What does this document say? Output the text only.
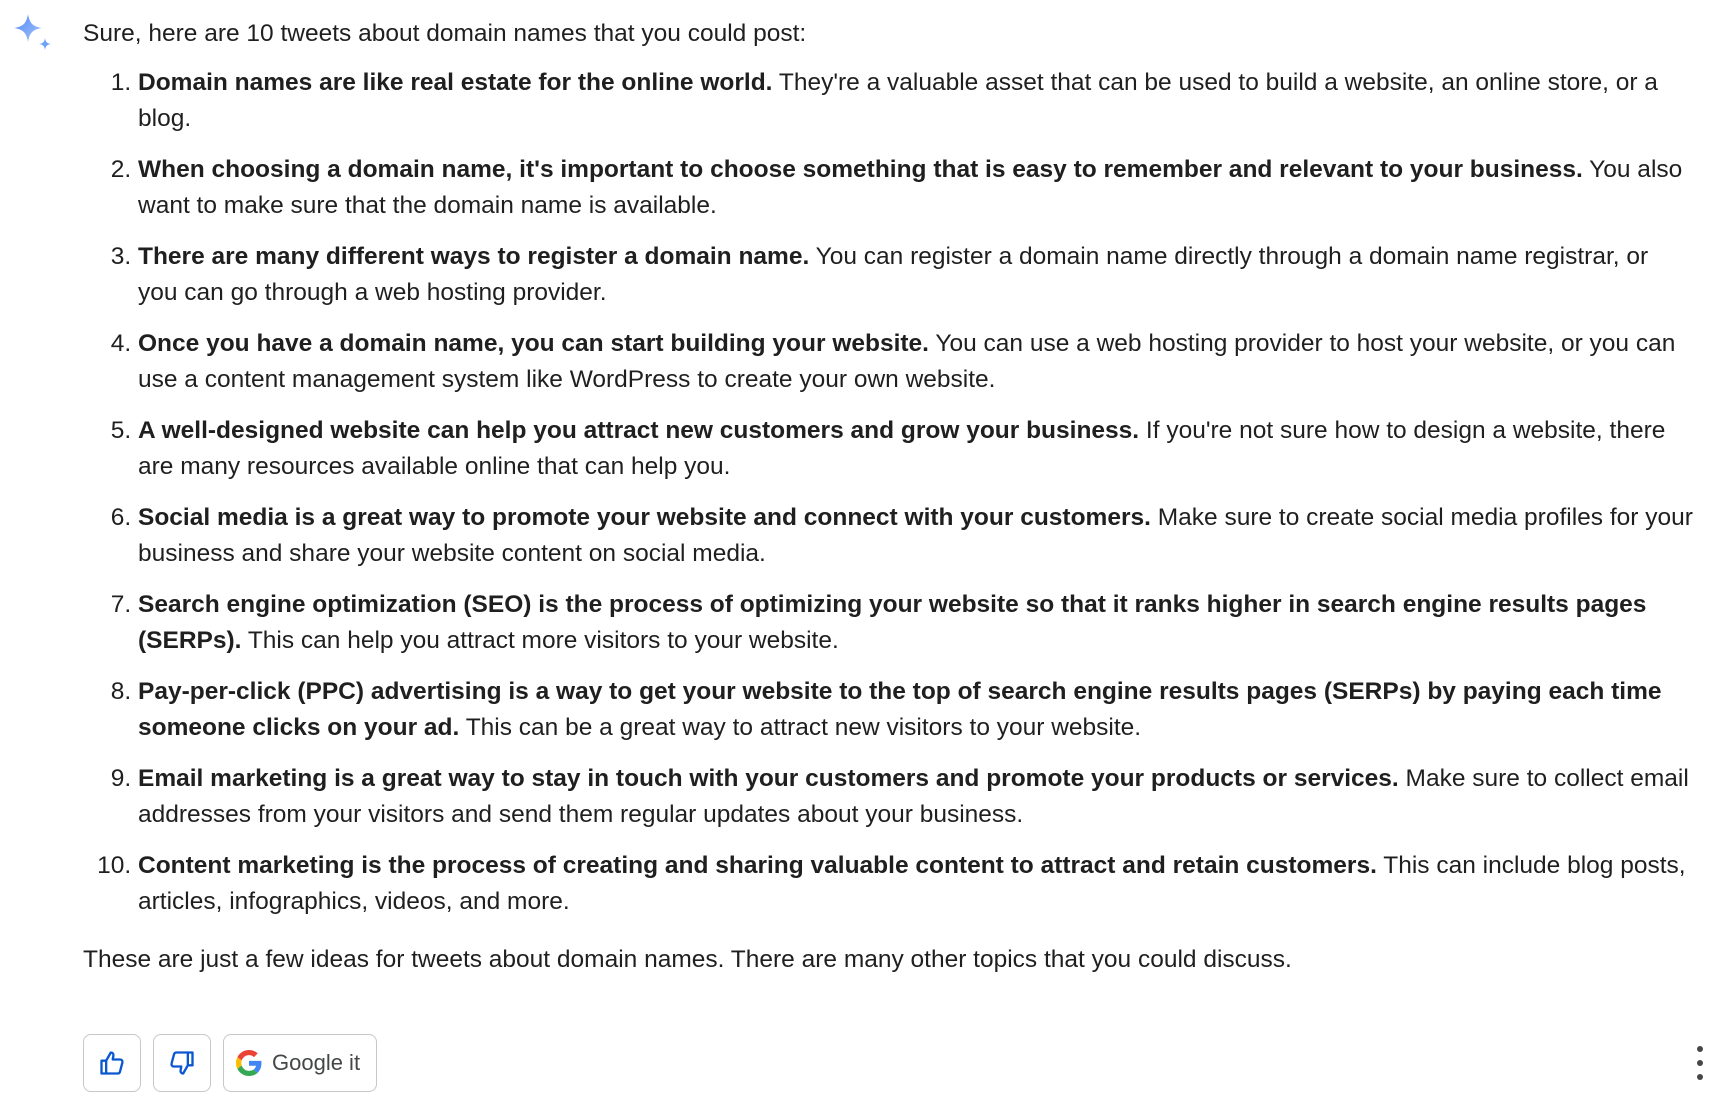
Sure, here are 10 tweets about domain names that you could post:

1. Domain names are like real estate for the online world. They're a valuable asset that can be used to build a website, an online store, or a blog.
2. When choosing a domain name, it's important to choose something that is easy to remember and relevant to your business. You also want to make sure that the domain name is available.
3. There are many different ways to register a domain name. You can register a domain name directly through a domain name registrar, or you can go through a web hosting provider.
4. Once you have a domain name, you can start building your website. You can use a web hosting provider to host your website, or you can use a content management system like WordPress to create your own website.
5. A well-designed website can help you attract new customers and grow your business. If you're not sure how to design a website, there are many resources available online that can help you.
6. Social media is a great way to promote your website and connect with your customers. Make sure to create social media profiles for your business and share your website content on social media.
7. Search engine optimization (SEO) is the process of optimizing your website so that it ranks higher in search engine results pages (SERPs). This can help you attract more visitors to your website.
8. Pay-per-click (PPC) advertising is a way to get your website to the top of search engine results pages (SERPs) by paying each time someone clicks on your ad. This can be a great way to attract new visitors to your website.
9. Email marketing is a great way to stay in touch with your customers and promote your products or services. Make sure to collect email addresses from your visitors and send them regular updates about your business.
10. Content marketing is the process of creating and sharing valuable content to attract and retain customers. This can include blog posts, articles, infographics, videos, and more.

These are just a few ideas for tweets about domain names. There are many other topics that you could discuss.

Google it
